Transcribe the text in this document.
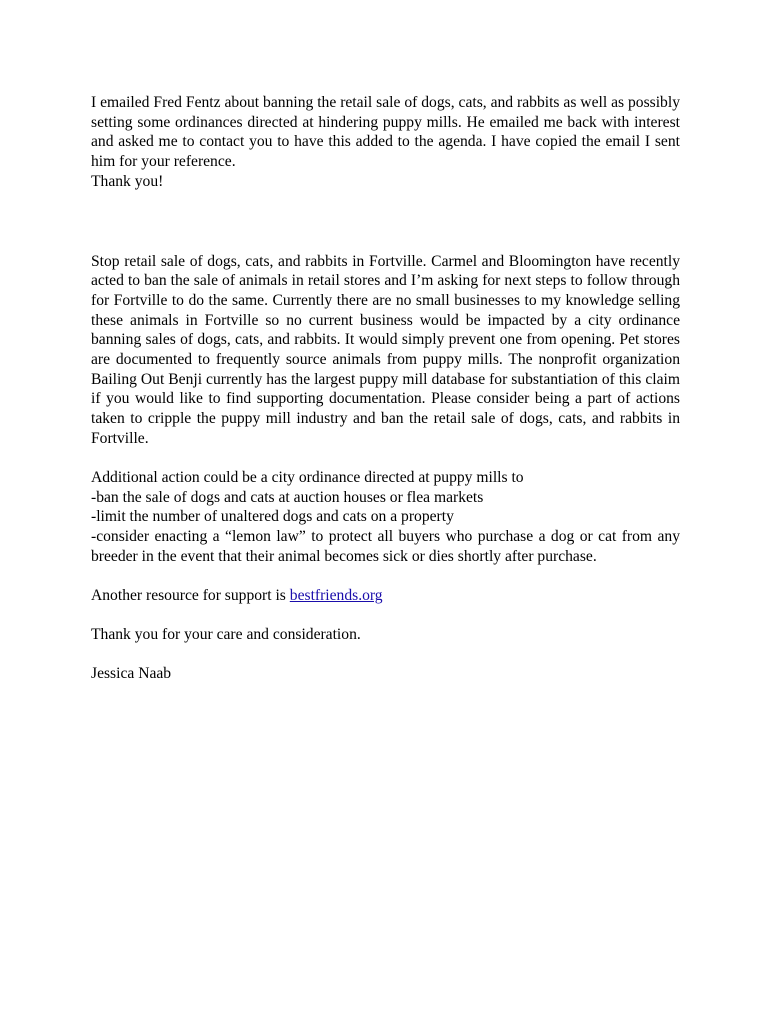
I emailed Fred Fentz about banning the retail sale of dogs, cats, and rabbits as well as possibly setting some ordinances directed at hindering puppy mills. He emailed me back with interest and asked me to contact you to have this added to the agenda. I have copied the email I sent him for your reference.

Thank you!

Stop retail sale of dogs, cats, and rabbits in Fortville. Carmel and Bloomington have recently acted to ban the sale of animals in retail stores and I’m asking for next steps to follow through for Fortville to do the same. Currently there are no small businesses to my knowledge selling these animals in Fortville so no current business would be impacted by a city ordinance banning sales of dogs, cats, and rabbits. It would simply prevent one from opening. Pet stores are documented to frequently source animals from puppy mills. The nonprofit organization Bailing Out Benji currently has the largest puppy mill database for substantiation of this claim if you would like to find supporting documentation. Please consider being a part of actions taken to cripple the puppy mill industry and ban the retail sale of dogs, cats, and rabbits in Fortville.

Additional action could be a city ordinance directed at puppy mills to

-ban the sale of dogs and cats at auction houses or flea markets

-limit the number of unaltered dogs and cats on a property

-consider enacting a “lemon law” to protect all buyers who purchase a dog or cat from any breeder in the event that their animal becomes sick or dies shortly after purchase.

Another resource for support is bestfriends.org

Thank you for your care and consideration.

Jessica Naab
